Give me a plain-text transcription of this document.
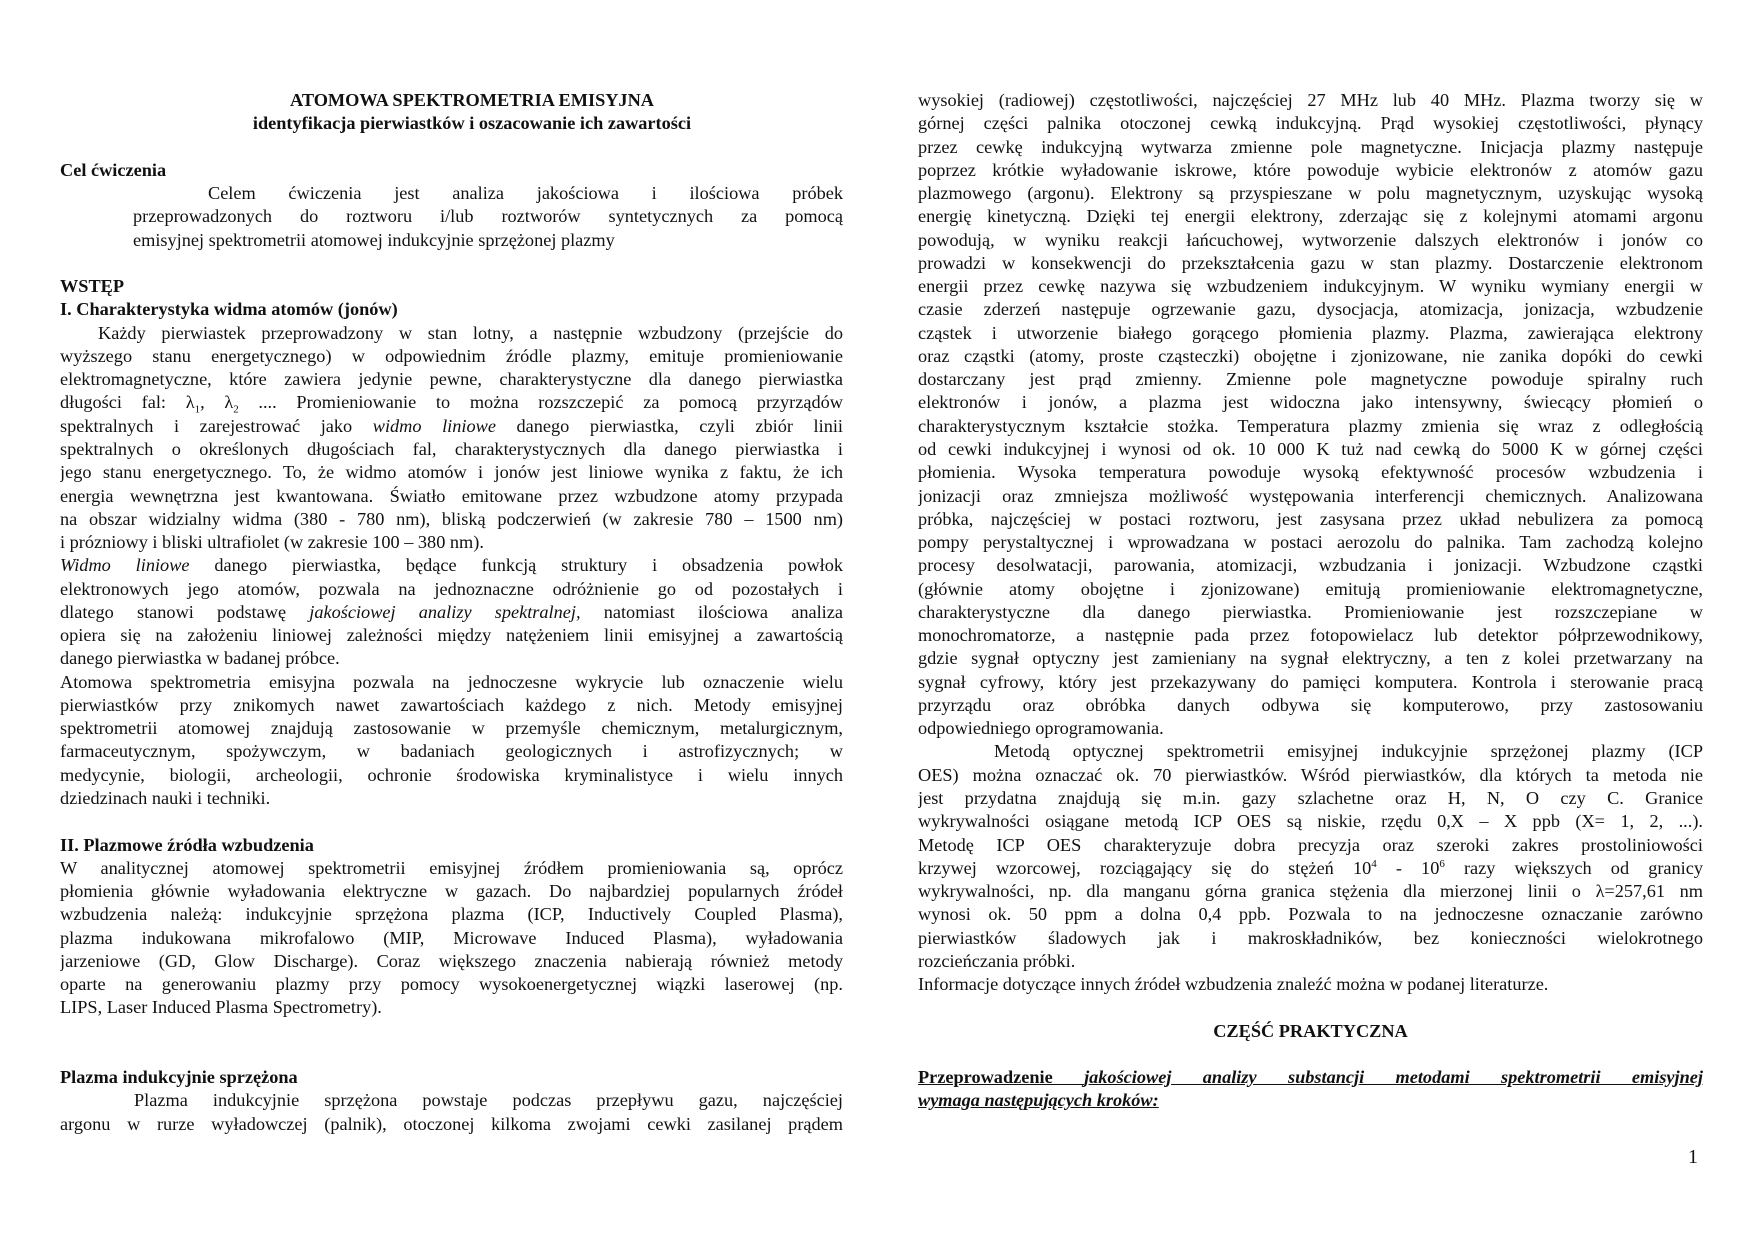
ATOMOWA SPEKTROMETRIA EMISYJNA
identyfikacja pierwiastków i oszacowanie ich zawartości
Cel ćwiczenia
Celem ćwiczenia jest analiza jakościowa i ilościowa próbek
przeprowadzonych do roztworu i/lub roztworów syntetycznych za pomocą
emisyjnej spektrometrii atomowej indukcyjnie sprzężonej plazmy
WSTĘP
I. Charakterystyka widma atomów (jonów)
Każdy pierwiastek przeprowadzony w stan lotny, a następnie wzbudzony (przejście do
wyższego stanu energetycznego) w odpowiednim źródle plazmy, emituje promieniowanie
elektromagnetyczne, które zawiera jedynie pewne, charakterystyczne dla danego pierwiastka
długości fal: $\lambda_1$, $\lambda_2$ .... Promieniowanie to można rozszczepić za pomocą przyrządów
spektralnych i zarejestrować jako widmo liniowe danego pierwiastka, czyli zbiór linii
spektralnych o określonych długościach fal, charakterystycznych dla danego pierwiastka i
jego stanu energetycznego. To, że widmo atomów i jonów jest liniowe wynika z faktu, że ich
energia wewnętrzna jest kwantowana. Światło emitowane przez wzbudzone atomy przypada
na obszar widzialny widma (380 - 780 nm), bliską podczerwień (w zakresie 780 – 1500 nm)
i prózniowy i bliski ultrafiolet (w zakresie 100 – 380 nm).
Widmo liniowe danego pierwiastka, będące funkcją struktury i obsadzenia powłok
elektronowych jego atomów, pozwala na jednoznaczne odróżnienie go od pozostałych i
dlatego stanowi podstawę jakościowej analizy spektralnej, natomiast ilościowa analiza
opiera się na założeniu liniowej zależności między natężeniem linii emisyjnej a zawartością
danego pierwiastka w badanej próbce.
Atomowa spektrometria emisyjna pozwala na jednoczesne wykrycie lub oznaczenie wielu
pierwiastków przy znikomych nawet zawartościach każdego z nich. Metody emisyjnej
spektrometrii atomowej znajdują zastosowanie w przemyśle chemicznym, metalurgicznym,
farmaceutycznym, spożywczym, w badaniach geologicznych i astrofizycznych; w
medycynie, biologii, archeologii, ochronie środowiska kryminalistyce i wielu innych
dziedzinach nauki i techniki.
II. Plazmowe źródła wzbudzenia
W analitycznej atomowej spektrometrii emisyjnej źródłem promieniowania są, oprócz
płomienia głównie wyładowania elektryczne w gazach. Do najbardziej popularnych źródeł
wzbudzenia należą: indukcyjnie sprzężona plazma (ICP, Inductively Coupled Plasma),
plazma indukowana mikrofalowo (MIP, Microwave Induced Plasma), wyładowania
jarzeniowe (GD, Glow Discharge). Coraz większego znaczenia nabierają również metody
oparte na generowaniu plazmy przy pomocy wysokoenergetycznej wiązki laserowej (np.
LIPS, Laser Induced Plasma Spectrometry).
Plazma indukcyjnie sprzężona
Plazma indukcyjnie sprzężona powstaje podczas przepływu gazu, najczęściej
argonu w rurze wyładowczej (palnik), otoczonej kilkoma zwojami cewki zasilanej prądem
wysokiej (radiowej) częstotliwości, najczęściej 27 MHz lub 40 MHz. Plazma tworzy się w
górnej części palnika otoczonej cewką indukcyjną. Prąd wysokiej częstotliwości, płynący
przez cewkę indukcyjną wytwarza zmienne pole magnetyczne. Inicjacja plazmy następuje
poprzez krótkie wyładowanie iskrowe, które powoduje wybicie elektronów z atomów gazu
plazmowego (argonu). Elektrony są przyspieszane w polu magnetycznym, uzyskując wysoką
energię kinetyczną. Dzięki tej energii elektrony, zderzając się z kolejnymi atomami argonu
powodują, w wyniku reakcji łańcuchowej, wytworzenie dalszych elektronów i jonów co
prowadzi w konsekwencji do przekształcenia gazu w stan plazmy. Dostarczenie elektronom
energii przez cewkę nazywa się wzbudzeniem indukcyjnym. W wyniku wymiany energii w
czasie zderzeń następuje ogrzewanie gazu, dysocjacja, atomizacja, jonizacja, wzbudzenie
cząstek i utworzenie białego gorącego płomienia plazmy. Plazma, zawierająca elektrony
oraz cząstki (atomy, proste cząsteczki) obojętne i zjonizowane, nie zanika dopóki do cewki
dostarczany jest prąd zmienny. Zmienne pole magnetyczne powoduje spiralny ruch
elektronów i jonów, a plazma jest widoczna jako intensywny, świecący płomień o
charakterystycznym kształcie stożka. Temperatura plazmy zmienia się wraz z odległością
od cewki indukcyjnej i wynosi od ok. 10 000 K tuż nad cewką do 5000 K w górnej części
płomienia. Wysoka temperatura powoduje wysoką efektywność procesów wzbudzenia i
jonizacji oraz zmniejsza możliwość występowania interferencji chemicznych. Analizowana
próbka, najczęściej w postaci roztworu, jest zasysana przez układ nebulizera za pomocą
pompy perystaltycznej i wprowadzana w postaci aerozolu do palnika. Tam zachodzą kolejno
procesy desolwatacji, parowania, atomizacji, wzbudzania i jonizacji. Wzbudzone cząstki
(głównie atomy obojętne i zjonizowane) emitują promieniowanie elektromagnetyczne,
charakterystyczne dla danego pierwiastka. Promieniowanie jest rozszczepiane w
monochromatorze, a następnie pada przez fotopowielacz lub detektor półprzewodnikowy,
gdzie sygnał optyczny jest zamieniany na sygnał elektryczny, a ten z kolei przetwarzany na
sygnał cyfrowy, który jest przekazywany do pamięci komputera. Kontrola i sterowanie pracą
przyrządu oraz obróbka danych odbywa się komputerowo, przy zastosowaniu
odpowiedniego oprogramowania.
Metodą optycznej spektrometrii emisyjnej indukcyjnie sprzężonej plazmy (ICP
OES) można oznaczać ok. 70 pierwiastków. Wśród pierwiastków, dla których ta metoda nie
jest przydatna znajdują się m.in. gazy szlachetne oraz H, N, O czy C. Granice
wykrywalności osiągane metodą ICP OES są niskie, rzędu 0,X – X ppb (X= 1, 2, ...).
Metodę ICP OES charakteryzuje dobra precyzja oraz szeroki zakres prostoliniowości
krzywej wzorcowej, rozciągający się do stężeń $10^4 - 10^6$ razy większych od granicy
wykrywalności, np. dla manganu górna granica stężenia dla mierzonej linii o λ=257,61 nm
wynosi ok. 50 ppm a dolna 0,4 ppb. Pozwala to na jednoczesne oznaczanie zarówno
pierwiastków śladowych jak i makroskładników, bez konieczności wielokrotnego
rozcieńczania próbki.
Informacje dotyczące innych źródeł wzbudzenia znaleźć można w podanej literaturze.
CZĘŚĆ PRAKTYCZNA
Przeprowadzenie jakościowej analizy substancji metodami spektrometrii emisyjnej
wymaga następujących kroków:
1
